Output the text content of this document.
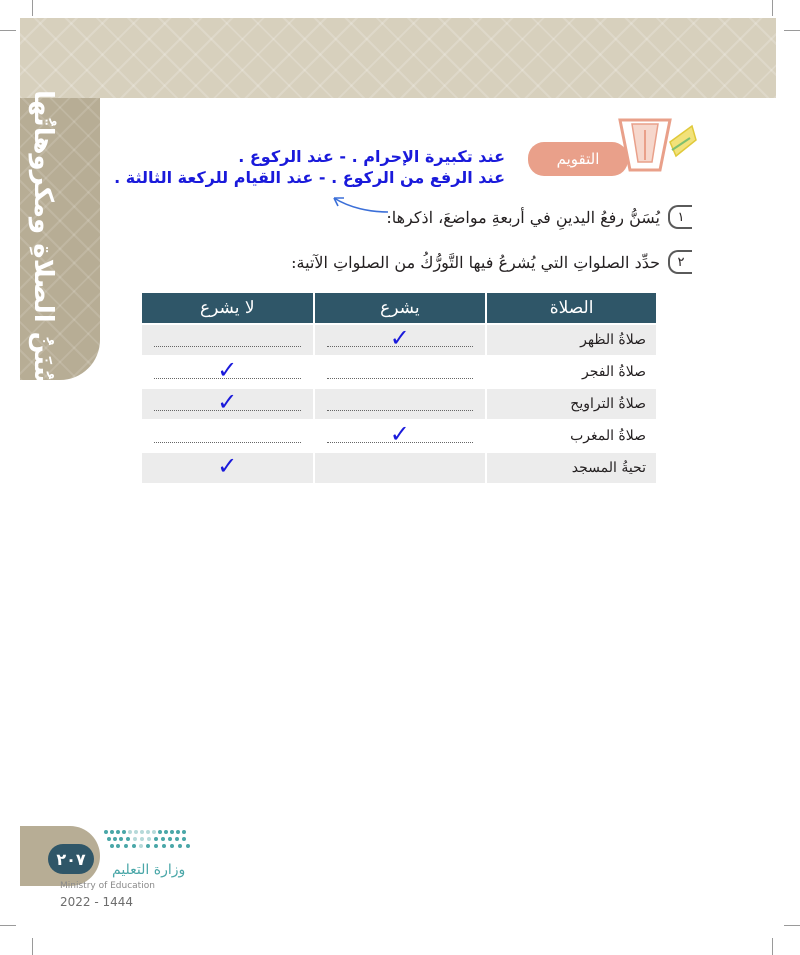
سُنَنُ الصلاةِ ومكروهاتُها	التقويم
عند تكبيرة الإحرام . - عند الركوع .
عند الرفع من الركوع . - عند القيام للركعة الثالثة .
١
يُسَنُّ رفعُ اليدينِ في أربعةِ مواضعَ، اذكرها:
٢
حدِّد الصلواتِ التي يُشرعُ فيها التَّورُّكُ من الصلواتِ الآتية:
الصلاة	يشرع	لا يشرع
صلاةُ الظهر	✓	

صلاةُ الفجر		✓

صلاةُ التراويح		✓

صلاةُ المغرب	✓	

تحيةُ المسجد		✓
٢٠٧
وزارة التعليم
Ministry of Education
2022 - 1444
